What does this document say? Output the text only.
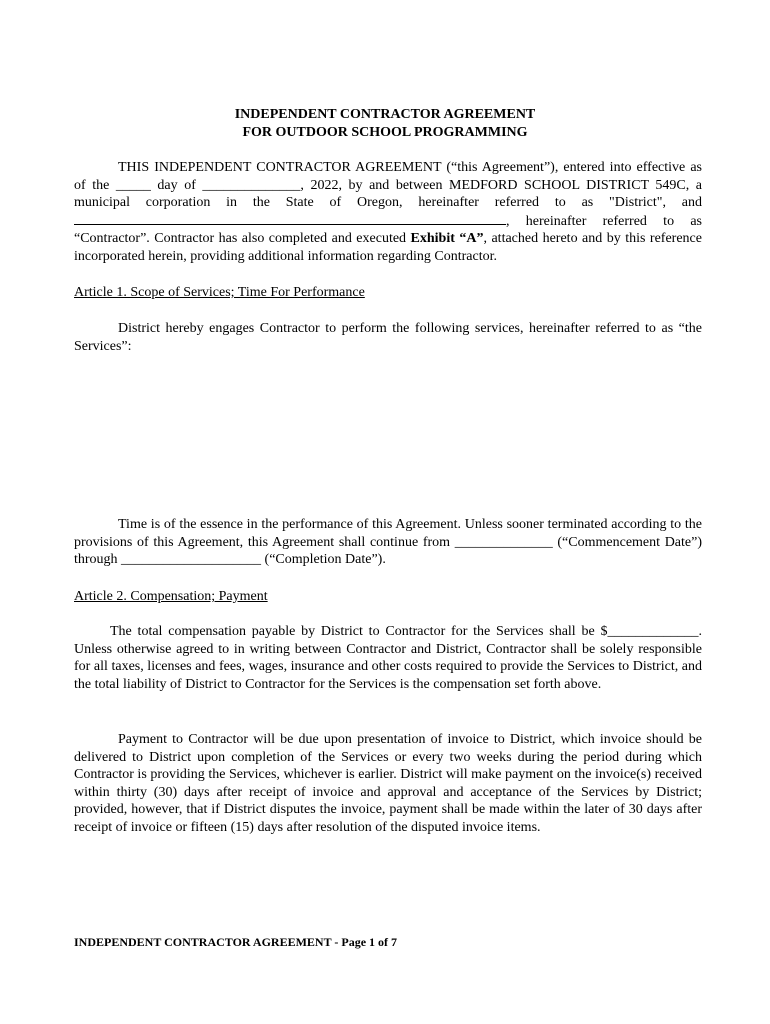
INDEPENDENT CONTRACTOR AGREEMENT
FOR OUTDOOR SCHOOL PROGRAMMING
THIS INDEPENDENT CONTRACTOR AGREEMENT (“this Agreement”), entered into effective as of the _____ day of ______________, 2022, by and between MEDFORD SCHOOL DISTRICT 549C, a municipal corporation in the State of Oregon, hereinafter referred to as "District", and , hereinafter referred to as “Contractor”. Contractor has also completed and executed Exhibit “A”, attached hereto and by this reference incorporated herein, providing additional information regarding Contractor.
Article 1. Scope of Services; Time For Performance
District hereby engages Contractor to perform the following services, hereinafter referred to as “the Services”:
Time is of the essence in the performance of this Agreement. Unless sooner terminated according to the provisions of this Agreement, this Agreement shall continue from ______________ (“Commencement Date”) through ____________________ (“Completion Date”).
Article 2. Compensation; Payment
The total compensation payable by District to Contractor for the Services shall be $_____________. Unless otherwise agreed to in writing between Contractor and District, Contractor shall be solely responsible for all taxes, licenses and fees, wages, insurance and other costs required to provide the Services to District, and the total liability of District to Contractor for the Services is the compensation set forth above.
Payment to Contractor will be due upon presentation of invoice to District, which invoice should be delivered to District upon completion of the Services or every two weeks during the period during which Contractor is providing the Services, whichever is earlier. District will make payment on the invoice(s) received within thirty (30) days after receipt of invoice and approval and acceptance of the Services by District; provided, however, that if District disputes the invoice, payment shall be made within the later of 30 days after receipt of invoice or fifteen (15) days after resolution of the disputed invoice items.
INDEPENDENT CONTRACTOR AGREEMENT - Page 1 of 7
